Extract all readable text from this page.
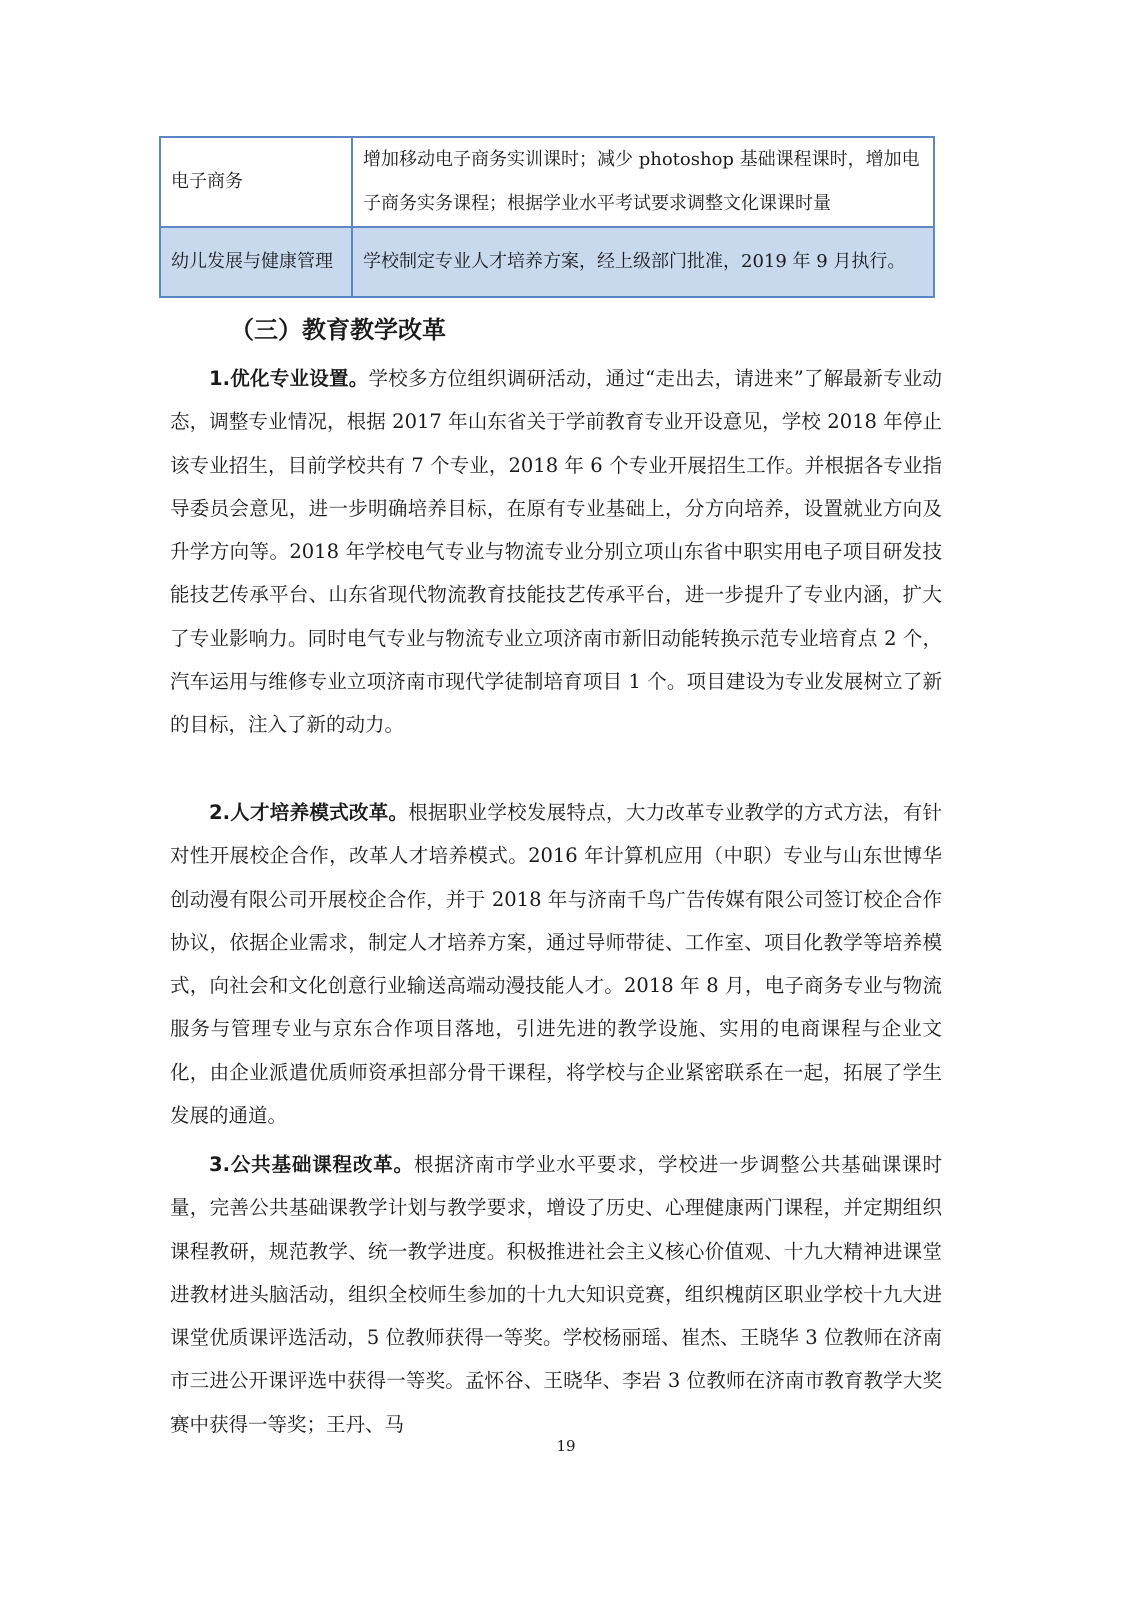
电子商务	增加移动电子商务实训课时；减少 photoshop 基础课程课时，增加电子商务实务课程；根据学业水平考试要求调整文化课课时量
幼儿发展与健康管理	学校制定专业人才培养方案，经上级部门批准，2019 年 9 月执行。
（三）教育教学改革

1.优化专业设置。学校多方位组织调研活动，通过“走出去，请进来”了解最新专业动态，调整专业情况，根据 2017 年山东省关于学前教育专业开设意见，学校 2018 年停止该专业招生，目前学校共有 7 个专业，2018 年 6 个专业开展招生工作。并根据各专业指导委员会意见，进一步明确培养目标，在原有专业基础上，分方向培养，设置就业方向及升学方向等。2018 年学校电气专业与物流专业分别立项山东省中职实用电子项目研发技能技艺传承平台、山东省现代物流教育技能技艺传承平台，进一步提升了专业内涵，扩大了专业影响力。同时电气专业与物流专业立项济南市新旧动能转换示范专业培育点 2 个，汽车运用与维修专业立项济南市现代学徒制培育项目 1 个。项目建设为专业发展树立了新的目标，注入了新的动力。

2.人才培养模式改革。根据职业学校发展特点，大力改革专业教学的方式方法，有针对性开展校企合作，改革人才培养模式。2016 年计算机应用（中职）专业与山东世博华创动漫有限公司开展校企合作，并于 2018 年与济南千鸟广告传媒有限公司签订校企合作协议，依据企业需求，制定人才培养方案，通过导师带徒、工作室、项目化教学等培养模式，向社会和文化创意行业输送高端动漫技能人才。2018 年 8 月，电子商务专业与物流服务与管理专业与京东合作项目落地，引进先进的教学设施、实用的电商课程与企业文化，由企业派遣优质师资承担部分骨干课程，将学校与企业紧密联系在一起，拓展了学生发展的通道。

3.公共基础课程改革。根据济南市学业水平要求，学校进一步调整公共基础课课时量，完善公共基础课教学计划与教学要求，增设了历史、心理健康两门课程，并定期组织课程教研，规范教学、统一教学进度。积极推进社会主义核心价值观、十九大精神进课堂进教材进头脑活动，组织全校师生参加的十九大知识竞赛，组织槐荫区职业学校十九大进课堂优质课评选活动，5 位教师获得一等奖。学校杨丽瑶、崔杰、王晓华 3 位教师在济南市三进公开课评选中获得一等奖。孟怀谷、王晓华、李岩 3 位教师在济南市教育教学大奖赛中获得一等奖；王丹、马

19
